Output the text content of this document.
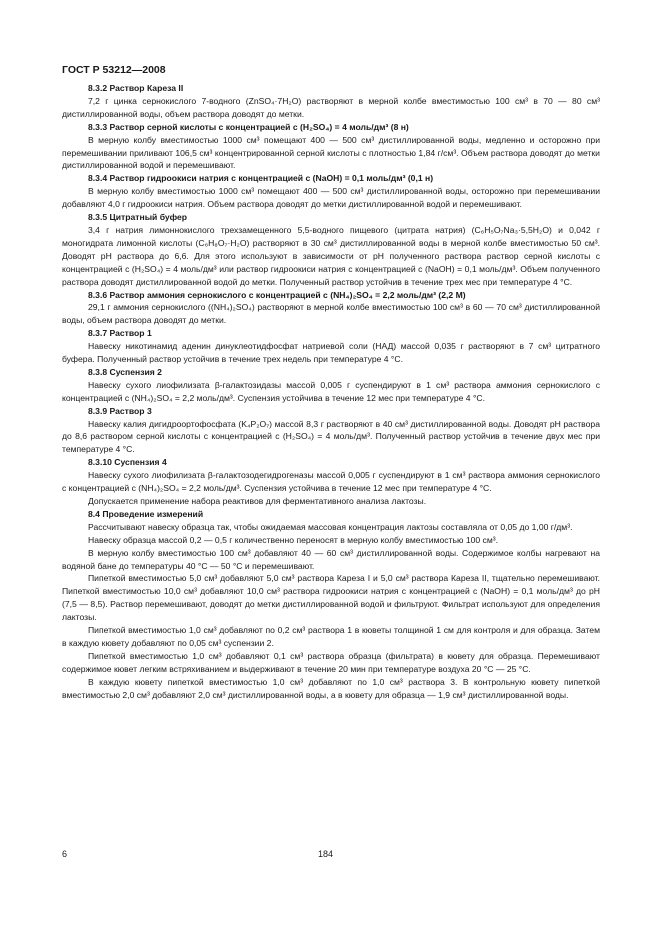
ГОСТ Р 53212—2008
8.3.2 Раствор Кареза II
7,2 г цинка сернокислого 7-водного (ZnSO₄·7H₂O) растворяют в мерной колбе вместимостью 100 см³ в 70 — 80 см³ дистиллированной воды, объем раствора доводят до метки.
8.3.3 Раствор серной кислоты с концентрацией c (H₂SO₄) = 4 моль/дм³ (8 н)
В мерную колбу вместимостью 1000 см³ помещают 400 — 500 см³ дистиллированной воды, медленно и осторожно при перемешивании приливают 106,5 см³ концентрированной серной кислоты с плотностью 1,84 г/см³. Объем раствора доводят до метки дистиллированной водой и перемешивают.
8.3.4 Раствор гидроокиси натрия с концентрацией c (NaOH) = 0,1 моль/дм³ (0,1 н)
В мерную колбу вместимостью 1000 см³ помещают 400 — 500 см³ дистиллированной воды, осторожно при перемешивании добавляют 4,0 г гидроокиси натрия. Объем раствора доводят до метки дистиллированной водой и перемешивают.
8.3.5 Цитратный буфер
3,4 г натрия лимоннокислого трехзамещенного 5,5-водного пищевого (цитрата натрия) (C₆H₅O₇Na₃·5,5H₂O) и 0,042 г моногидрата лимонной кислоты (C₆H₈O₇·H₂O) растворяют в 30 см³ дистиллированной воды в мерной колбе вместимостью 50 см³. Доводят рН раствора до 6,6. Для этого используют в зависимости от рН полученного раствора раствор серной кислоты с концентрацией c (H₂SO₄) = 4 моль/дм³ или раствор гидроокиси натрия с концентрацией c (NaOH) = 0,1 моль/дм³. Объем полученного раствора доводят дистиллированной водой до метки. Полученный раствор устойчив в течение трех мес при температуре 4 °С.
8.3.6 Раствор аммония сернокислого с концентрацией c (NH₄)₂SO₄ = 2,2 моль/дм³ (2,2 М)
29,1 г аммония сернокислого ((NH₄)₂SO₄) растворяют в мерной колбе вместимостью 100 см³ в 60 — 70 см³ дистиллированной воды, объем раствора доводят до метки.
8.3.7 Раствор 1
Навеску никотинамид аденин динуклеотидфосфат натриевой соли (НАД) массой 0,035 г растворяют в 7 см³ цитратного буфера. Полученный раствор устойчив в течение трех недель при температуре 4 °С.
8.3.8 Суспензия 2
Навеску сухого лиофилизата β-галактозидазы массой 0,005 г суспендируют в 1 см³ раствора аммония сернокислого с концентрацией c (NH₄)₂SO₄ = 2,2 моль/дм³. Суспензия устойчива в течение 12 мес при температуре 4 °С.
8.3.9 Раствор 3
Навеску калия дигидроортофосфата (K₄P₂O₇) массой 8,3 г растворяют в 40 см³ дистиллированной воды. Доводят рН раствора до 8,6 раствором серной кислоты с концентрацией c (H₂SO₄) = 4 моль/дм³. Полученный раствор устойчив в течение двух мес при температуре 4 °С.
8.3.10 Суспензия 4
Навеску сухого лиофилизата β-галактозодегидрогеназы массой 0,005 г суспендируют в 1 см³ раствора аммония сернокислого с концентрацией c (NH₄)₂SO₄ = 2,2 моль/дм³. Суспензия устойчива в течение 12 мес при температуре 4 °С.
Допускается применение набора реактивов для ферментативного анализа лактозы.
8.4 Проведение измерений
Рассчитывают навеску образца так, чтобы ожидаемая массовая концентрация лактозы составляла от 0,05 до 1,00 г/дм³.
Навеску образца массой 0,2 — 0,5 г количественно переносят в мерную колбу вместимостью 100 см³.
В мерную колбу вместимостью 100 см³ добавляют 40 — 60 см³ дистиллированной воды. Содержимое колбы нагревают на водяной бане до температуры 40 °С — 50 °С и перемешивают.
Пипеткой вместимостью 5,0 см³ добавляют 5,0 см³ раствора Кареза I и 5,0 см³ раствора Кареза II, тщательно перемешивают. Пипеткой вместимостью 10,0 см³ добавляют 10,0 см³ раствора гидроокиси натрия с концентрацией c (NaOH) = 0,1 моль/дм³ до рН (7,5 — 8,5). Раствор перемешивают, доводят до метки дистиллированной водой и фильтруют. Фильтрат используют для определения лактозы.
Пипеткой вместимостью 1,0 см³ добавляют по 0,2 см³ раствора 1 в кюветы толщиной 1 см для контроля и для образца. Затем в каждую кювету добавляют по 0,05 см³ суспензии 2.
Пипеткой вместимостью 1,0 см³ добавляют 0,1 см³ раствора образца (фильтрата) в кювету для образца. Перемешивают содержимое кювет легким встряхиванием и выдерживают в течение 20 мин при температуре воздуха 20 °С — 25 °С.
В каждую кювету пипеткой вместимостью 1,0 см³ добавляют по 1,0 см³ раствора 3. В контрольную кювету пипеткой вместимостью 2,0 см³ добавляют 2,0 см³ дистиллированной воды, а в кювету для образца — 1,9 см³ дистиллированной воды.
6	184
